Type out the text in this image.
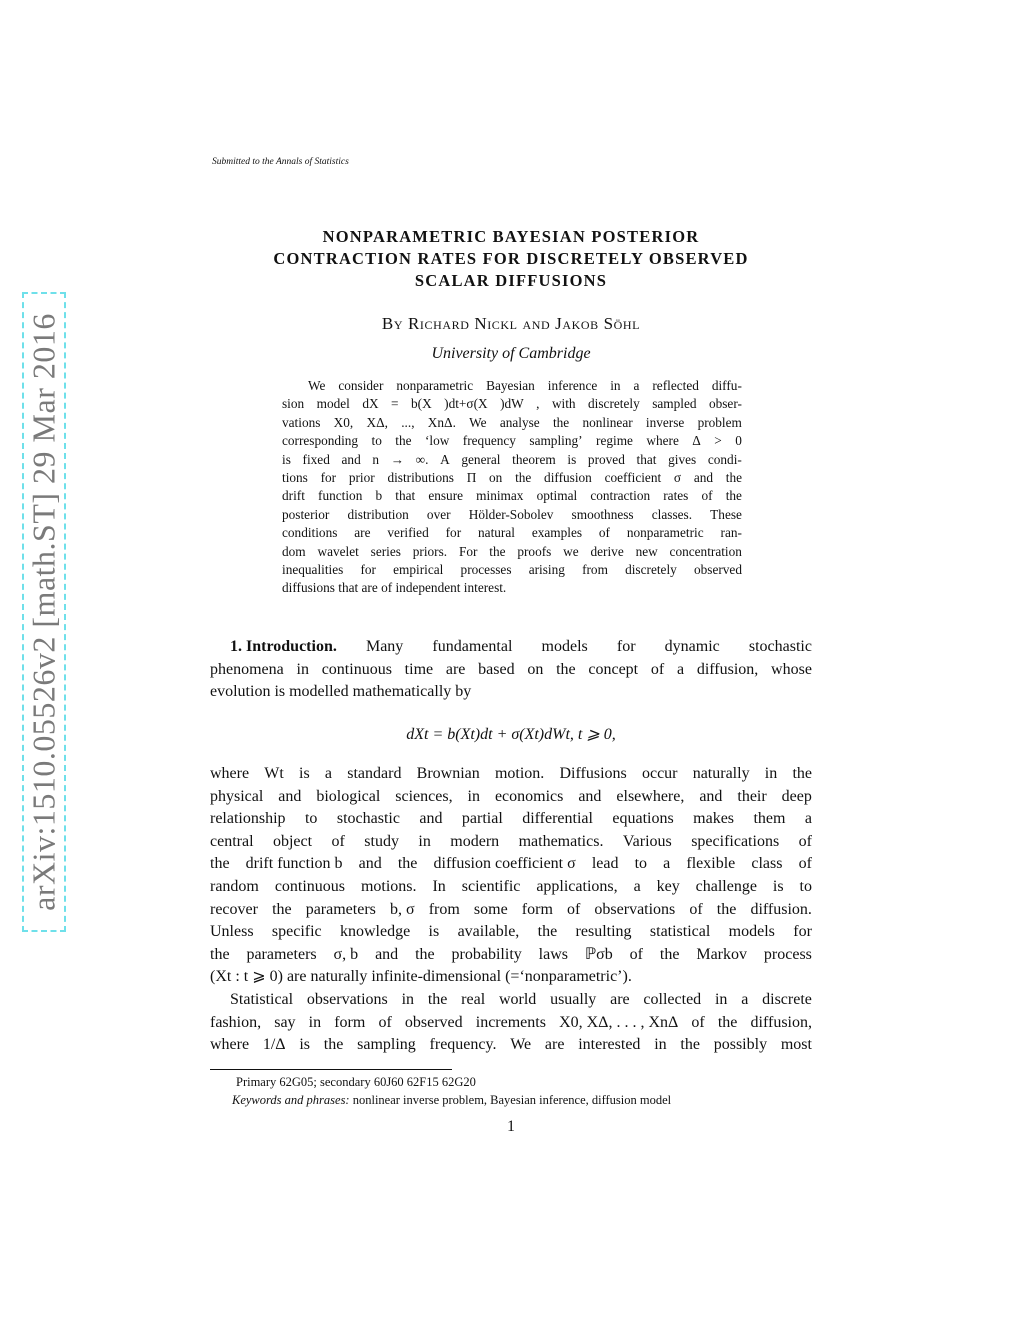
arXiv:1510.05526v2 [math.ST] 29 Mar 2016
Submitted to the Annals of Statistics
NONPARAMETRIC BAYESIAN POSTERIOR
CONTRACTION RATES FOR DISCRETELY OBSERVED
SCALAR DIFFUSIONS
By Richard Nickl and Jakob Söhl
University of Cambridge
We consider nonparametric Bayesian inference in a reflected diffu-
sion model dX = b(X )dt+σ(X )dW , with discretely sampled obser-
vations X0, XΔ, ..., XnΔ. We analyse the nonlinear inverse problem
corresponding to the ‘low frequency sampling’ regime where Δ > 0
is fixed and n → ∞. A general theorem is proved that gives condi-
tions for prior distributions Π on the diffusion coefficient σ and the
drift function b that ensure minimax optimal contraction rates of the
posterior distribution over Hölder-Sobolev smoothness classes. These
conditions are verified for natural examples of nonparametric ran-
dom wavelet series priors. For the proofs we derive new concentration
inequalities for empirical processes arising from discretely observed
diffusions that are of independent interest.
1. Introduction. Many fundamental models for dynamic stochastic
phenomena in continuous time are based on the concept of a diffusion, whose
evolution is modelled mathematically by
dXt = b(Xt)dt + σ(Xt)dWt, t ⩾ 0,
where Wt is a standard Brownian motion. Diffusions occur naturally in the
physical and biological sciences, in economics and elsewhere, and their deep
relationship to stochastic and partial differential equations makes them a
central object of study in modern mathematics. Various specifications of
the drift function b and the diffusion coefficient σ lead to a flexible class of
random continuous motions. In scientific applications, a key challenge is to
recover the parameters b, σ from some form of observations of the diffusion.
Unless specific knowledge is available, the resulting statistical models for
the parameters σ, b and the probability laws ℙσb of the Markov process
(Xt : t ⩾ 0) are naturally infinite-dimensional (=‘nonparametric’).
Statistical observations in the real world usually are collected in a discrete
fashion, say in form of observed increments X0, XΔ, . . . , XnΔ of the diffusion,
where 1/Δ is the sampling frequency. We are interested in the possibly most
Primary 62G05; secondary 60J60 62F15 62G20
Keywords and phrases: nonlinear inverse problem, Bayesian inference, diffusion model
1
